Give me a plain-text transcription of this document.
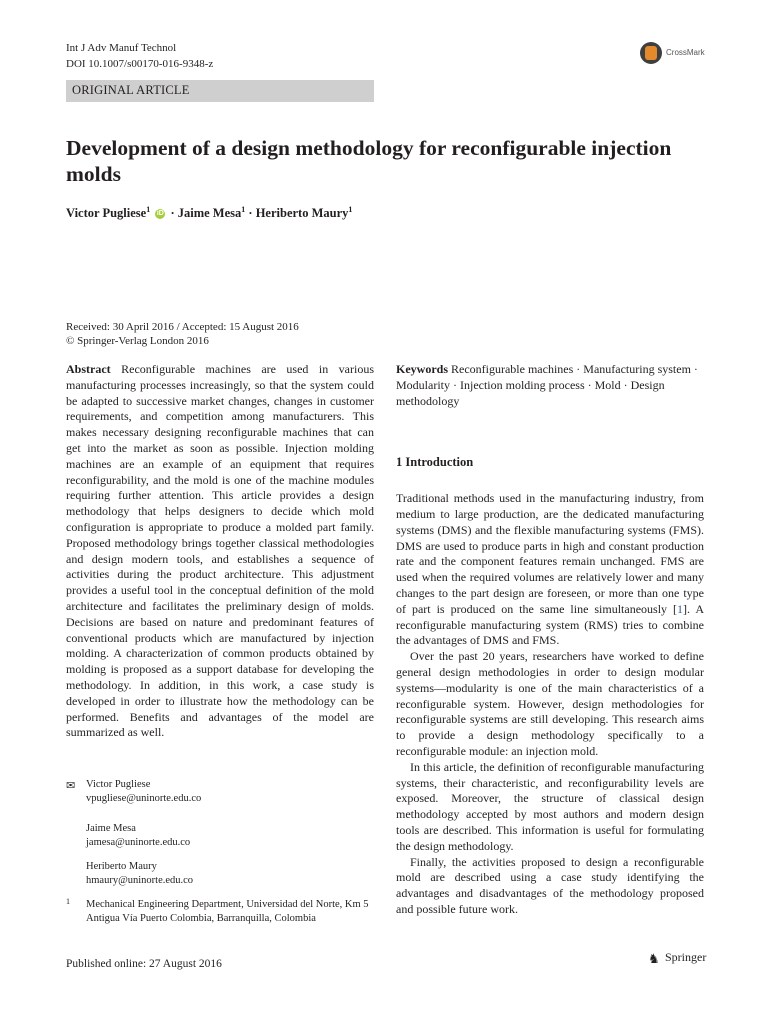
Int J Adv Manuf Technol
DOI 10.1007/s00170-016-9348-z
CrossMark
ORIGINAL ARTICLE
Development of a design methodology for reconfigurable injection molds
Victor Pugliese$^1$ iD · Jaime Mesa$^1$ · Heriberto Maury$^1$
Received: 30 April 2016 / Accepted: 15 August 2016
© Springer-Verlag London 2016
Abstract Reconfigurable machines are used in various manufacturing processes increasingly, so that the system could be adapted to successive market changes, changes in customer requirements, and competition among manufacturers. This makes necessary designing reconfigurable machines that can get into the market as soon as possible. Injection molding machines are an example of an equipment that requires reconfigurability, and the mold is one of the machine modules requiring further attention. This article provides a design methodology that helps designers to decide which mold configuration is appropriate to produce a molded part family. Proposed methodology brings together classical methodologies and design modern tools, and establishes a sequence of activities during the product architecture. This adjustment provides a useful tool in the conceptual definition of the mold architecture and facilitates the preliminary design of molds. Decisions are based on nature and predominant features of conventional products which are manufactured by injection molding. A characterization of common products obtained by molding is proposed as a support database for developing the methodology. In addition, in this work, a case study is developed in order to illustrate how the methodology can be performed. Benefits and advantages of the model are summarized as well.
Keywords Reconfigurable machines · Manufacturing system · Modularity · Injection molding process · Mold · Design methodology
1 Introduction

Traditional methods used in the manufacturing industry, from medium to large production, are the dedicated manufacturing systems (DMS) and the flexible manufacturing systems (FMS). DMS are used to produce parts in high and constant production rate and the component features remain unchanged. FMS are used when the required volumes are relatively lower and many changes to the part design are foreseen, or more than one type of part is produced on the same line simultaneously [1]. A reconfigurable manufacturing system (RMS) tries to combine the advantages of DMS and FMS.

Over the past 20 years, researchers have worked to define general design methodologies in order to design modular systems—modularity is one of the main characteristics of a reconfigurable system. However, design methodologies for reconfigurable systems are still developing. This research aims to provide a design methodology specifically to a reconfigurable module: an injection mold.

In this article, the definition of reconfigurable manufacturing systems, their characteristic, and reconfigurability levels are exposed. Moreover, the structure of classical design methodology accepted by most authors and modern design tools are described. This information is useful for formulating the design methodology.

Finally, the activities proposed to design a reconfigurable mold are described using a case study identifying the advantages and disadvantages of the methodology proposed and possible future work.

✉ Victor Pugliese
vpugliese@uninorte.edu.co
Jaime Mesa
jamesa@uninorte.edu.co
Heriberto Maury
hmaury@uninorte.edu.co
1 Mechanical Engineering Department, Universidad del Norte, Km 5 Antigua Vía Puerto Colombia, Barranquilla, Colombia
Published online: 27 August 2016	♞ Springer
